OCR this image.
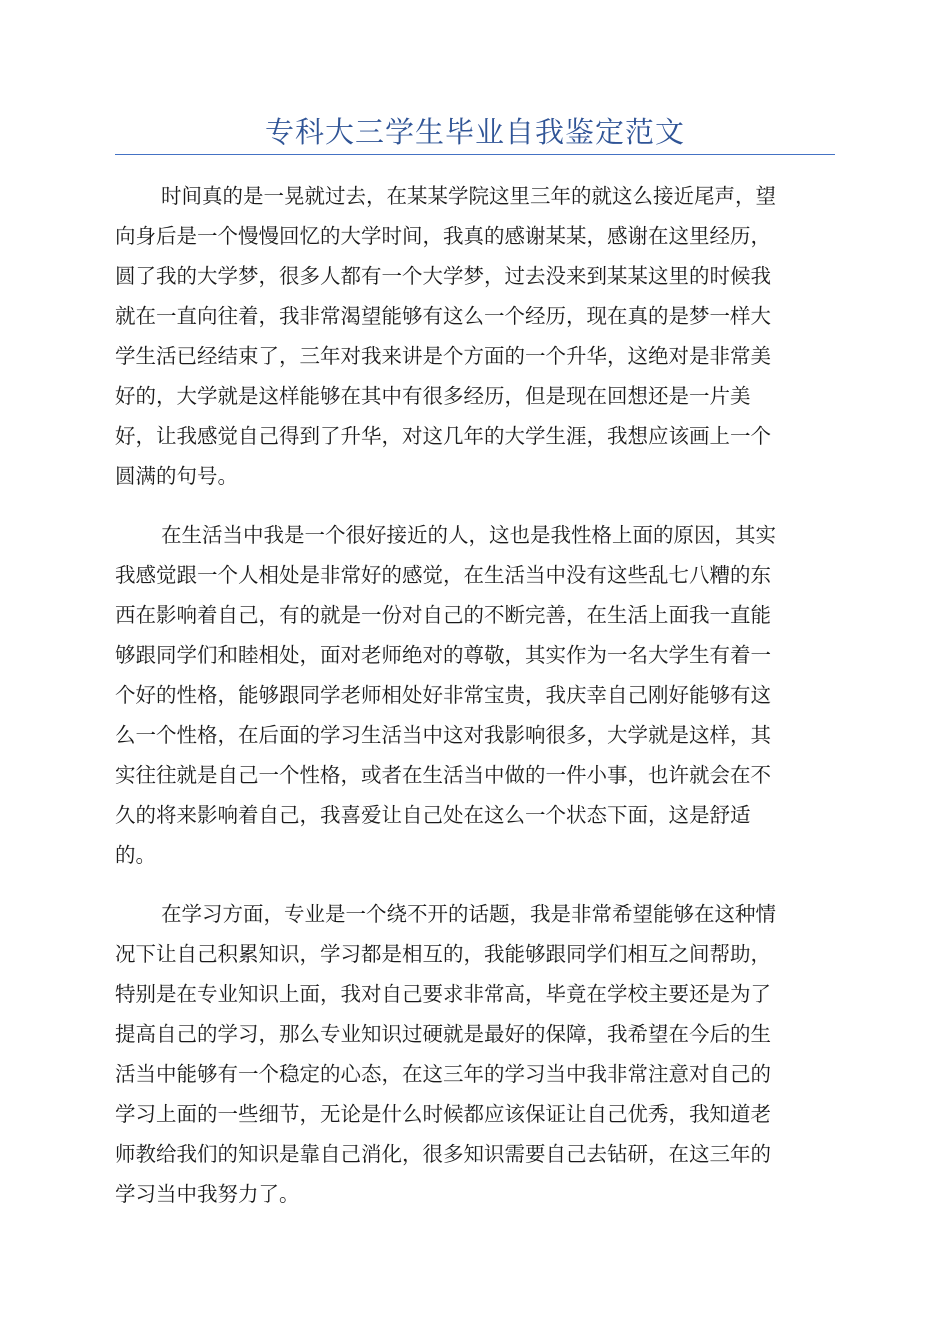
专科大三学生毕业自我鉴定范文
时间真的是一晃就过去，在某某学院这里三年的就这么接近尾声，望
向身后是一个慢慢回忆的大学时间，我真的感谢某某，感谢在这里经历，
圆了我的大学梦，很多人都有一个大学梦，过去没来到某某这里的时候我
就在一直向往着，我非常渴望能够有这么一个经历，现在真的是梦一样大
学生活已经结束了，三年对我来讲是个方面的一个升华，这绝对是非常美
好的，大学就是这样能够在其中有很多经历，但是现在回想还是一片美
好，让我感觉自己得到了升华，对这几年的大学生涯，我想应该画上一个
圆满的句号。
在生活当中我是一个很好接近的人，这也是我性格上面的原因，其实
我感觉跟一个人相处是非常好的感觉，在生活当中没有这些乱七八糟的东
西在影响着自己，有的就是一份对自己的不断完善，在生活上面我一直能
够跟同学们和睦相处，面对老师绝对的尊敬，其实作为一名大学生有着一
个好的性格，能够跟同学老师相处好非常宝贵，我庆幸自己刚好能够有这
么一个性格，在后面的学习生活当中这对我影响很多，大学就是这样，其
实往往就是自己一个性格，或者在生活当中做的一件小事，也许就会在不
久的将来影响着自己，我喜爱让自己处在这么一个状态下面，这是舒适
的。
在学习方面，专业是一个绕不开的话题，我是非常希望能够在这种情
况下让自己积累知识，学习都是相互的，我能够跟同学们相互之间帮助，
特别是在专业知识上面，我对自己要求非常高，毕竟在学校主要还是为了
提高自己的学习，那么专业知识过硬就是最好的保障，我希望在今后的生
活当中能够有一个稳定的心态，在这三年的学习当中我非常注意对自己的
学习上面的一些细节，无论是什么时候都应该保证让自己优秀，我知道老
师教给我们的知识是靠自己消化，很多知识需要自己去钻研，在这三年的
学习当中我努力了。
